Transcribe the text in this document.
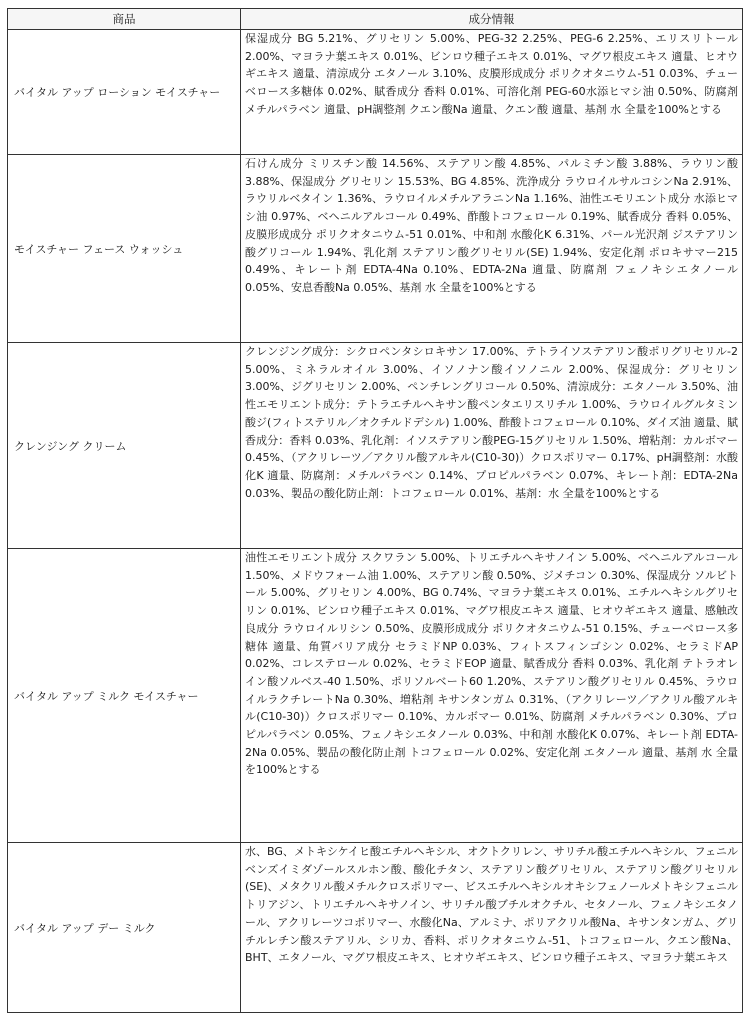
商品	成分情報
バイタル アップ ローション モイスチャー	保湿成分 BG 5.21%、グリセリン 5.00%、PEG-32 2.25%、PEG-6 2.25%、エリスリトール 2.00%、マヨラナ葉エキス 0.01%、ビンロウ種子エキス 0.01%、マグワ根皮エキス 適量、ヒオウギエキス 適量、清涼成分 エタノール 3.10%、皮膜形成成分 ポリクオタニウム-51 0.03%、チューベロース多糖体 0.02%、賦香成分 香料 0.01%、可溶化剤 PEG-60水添ヒマシ油 0.50%、防腐剤 メチルパラベン 適量、pH調整剤 クエン酸Na 適量、クエン酸 適量、基剤 水 全量を100%とする
モイスチャー フェース ウォッシュ	石けん成分 ミリスチン酸 14.56%、ステアリン酸 4.85%、パルミチン酸 3.88%、ラウリン酸 3.88%、保湿成分 グリセリン 15.53%、BG 4.85%、洗浄成分 ラウロイルサルコシンNa 2.91%、ラウリルベタイン 1.36%、ラウロイルメチルアラニンNa 1.16%、油性エモリエント成分 水添ヒマシ油 0.97%、ベヘニルアルコール 0.49%、酢酸トコフェロール 0.19%、賦香成分 香料 0.05%、皮膜形成成分 ポリクオタニウム-51 0.01%、中和剤 水酸化K 6.31%、パール光沢剤 ジステアリン酸グリコール 1.94%、乳化剤 ステアリン酸グリセリル(SE) 1.94%、安定化剤 ポロキサマー215 0.49%、キレート剤 EDTA-4Na 0.10%、EDTA-2Na 適量、防腐剤 フェノキシエタノール 0.05%、安息香酸Na 0.05%、基剤 水 全量を100%とする
クレンジング クリーム	クレンジング成分：シクロペンタシロキサン 17.00%、テトライソステアリン酸ポリグリセリル-2 5.00%、ミネラルオイル 3.00%、イソノナン酸イソノニル 2.00%、保湿成分：グリセリン 3.00%、ジグリセリン 2.00%、ペンチレングリコール 0.50%、清涼成分：エタノール 3.50%、油性エモリエント成分：テトラエチルヘキサン酸ペンタエリスリチル 1.00%、ラウロイルグルタミン酸ジ(フィトステリル／オクチルドデシル) 1.00%、酢酸トコフェロール 0.10%、ダイズ油 適量、賦香成分：香料 0.03%、乳化剤：イソステアリン酸PEG-15グリセリル 1.50%、増粘剤：カルボマー 0.45%、（アクリレーツ／アクリル酸アルキル(C10-30)）クロスポリマー 0.17%、pH調整剤：水酸化K 適量、防腐剤：メチルパラベン 0.14%、プロピルパラベン 0.07%、キレート剤：EDTA-2Na 0.03%、製品の酸化防止剤：トコフェロール 0.01%、基剤：水 全量を100%とする
バイタル アップ ミルク モイスチャー	油性エモリエント成分 スクワラン 5.00%、トリエチルヘキサノイン 5.00%、ベヘニルアルコール 1.50%、メドウフォーム油 1.00%、ステアリン酸 0.50%、ジメチコン 0.30%、保湿成分 ソルビトール 5.00%、グリセリン 4.00%、BG 0.74%、マヨラナ葉エキス 0.01%、エチルヘキシルグリセリン 0.01%、ビンロウ種子エキス 0.01%、マグワ根皮エキス 適量、ヒオウギエキス 適量、感触改良成分 ラウロイルリシン 0.50%、皮膜形成成分 ポリクオタニウム-51 0.15%、チューベロース多糖体 適量、角質バリア成分 セラミドNP 0.03%、フィトスフィンゴシン 0.02%、セラミドAP 0.02%、コレステロール 0.02%、セラミドEOP 適量、賦香成分 香料 0.03%、乳化剤 テトラオレイン酸ソルベス-40 1.50%、ポリソルベート60 1.20%、ステアリン酸グリセリル 0.45%、ラウロイルラクチレートNa 0.30%、増粘剤 キサンタンガム 0.31%、（アクリレーツ／アクリル酸アルキル(C10-30)）クロスポリマー 0.10%、カルボマー 0.01%、防腐剤 メチルパラベン 0.30%、プロピルパラベン 0.05%、フェノキシエタノール 0.03%、中和剤 水酸化K 0.07%、キレート剤 EDTA-2Na 0.05%、製品の酸化防止剤 トコフェロール 0.02%、安定化剤 エタノール 適量、基剤 水 全量を100%とする
バイタル アップ デー ミルク	水、BG、メトキシケイヒ酸エチルヘキシル、オクトクリレン、サリチル酸エチルヘキシル、フェニルベンズイミダゾールスルホン酸、酸化チタン、ステアリン酸グリセリル、ステアリン酸グリセリル(SE)、メタクリル酸メチルクロスポリマー、ビスエチルヘキシルオキシフェノールメトキシフェニルトリアジン、トリエチルヘキサノイン、サリチル酸ブチルオクチル、セタノール、フェノキシエタノール、アクリレーツコポリマー、水酸化Na、アルミナ、ポリアクリル酸Na、キサンタンガム、グリチルレチン酸ステアリル、シリカ、香料、ポリクオタニウム-51、トコフェロール、クエン酸Na、BHT、エタノール、マグワ根皮エキス、ヒオウギエキス、ビンロウ種子エキス、マヨラナ葉エキス
